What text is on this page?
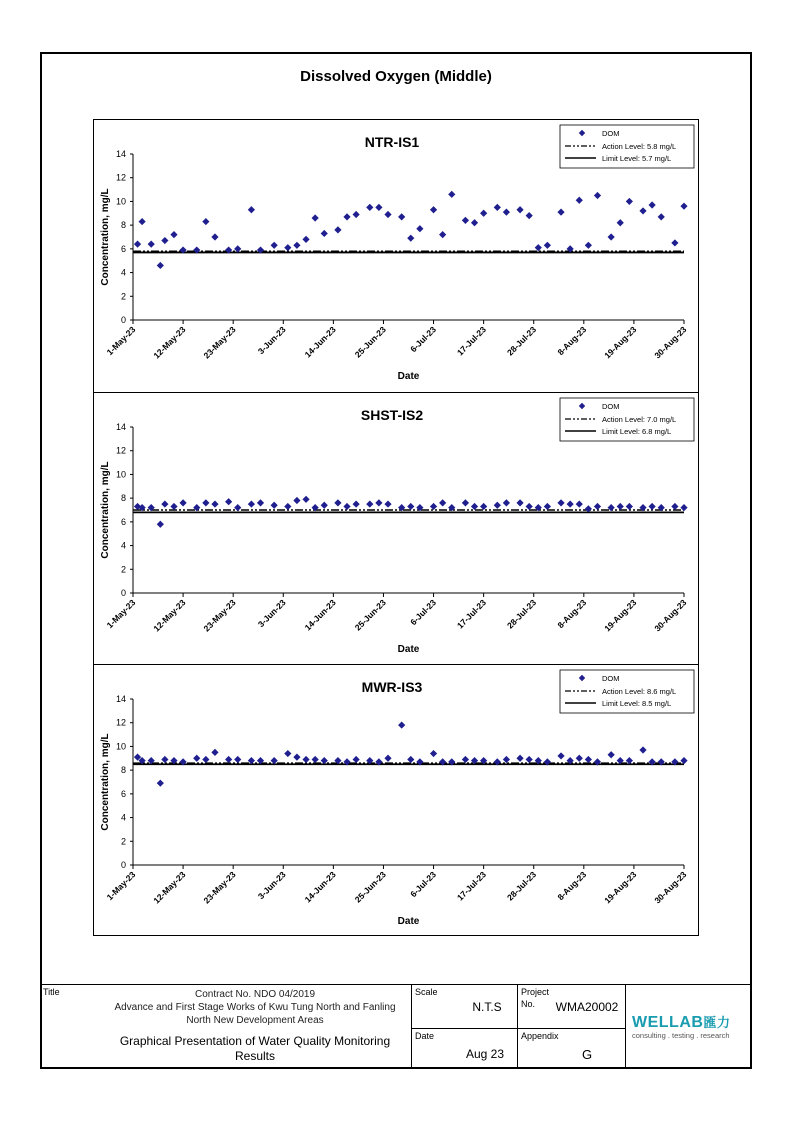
Dissolved Oxygen (Middle)
NTR-IS1
0
2
4
6
8
10
12
14
1-May-23 12-May-23 23-May-23 3-Jun-23 14-Jun-23 25-Jun-23 6-Jul-23 17-Jul-23 28-Jul-23 8-Aug-23 19-Aug-23 30-Aug-23
Concentration, mg/L
Date
DOM
Action Level: 5.8 mg/L
Limit Level: 5.7 mg/L
SHST-IS2
0
2
4
6
8
10
12
14
1-May-23 12-May-23 23-May-23 3-Jun-23 14-Jun-23 25-Jun-23 6-Jul-23 17-Jul-23 28-Jul-23 8-Aug-23 19-Aug-23 30-Aug-23
Concentration, mg/L
Date
DOM
Action Level: 7.0 mg/L
Limit Level: 6.8 mg/L
MWR-IS3
0
2
4
6
8
10
12
14
1-May-23 12-May-23 23-May-23 3-Jun-23 14-Jun-23 25-Jun-23 6-Jul-23 17-Jul-23 28-Jul-23 8-Aug-23 19-Aug-23 30-Aug-23
Concentration, mg/L
Date
DOM
Action Level: 8.6 mg/L
Limit Level: 8.5 mg/L
Title	Contract No. NDO 04/2019
Advance and First Stage Works of Kwu Tung North and Fanling
North New Development Areas
Graphical Presentation of Water Quality Monitoring
Results
Scale
N.T.S
Project
No.	WMA20002
Date
Aug 23
Appendix
G
WELLAB匯力
consulting . testing . research
